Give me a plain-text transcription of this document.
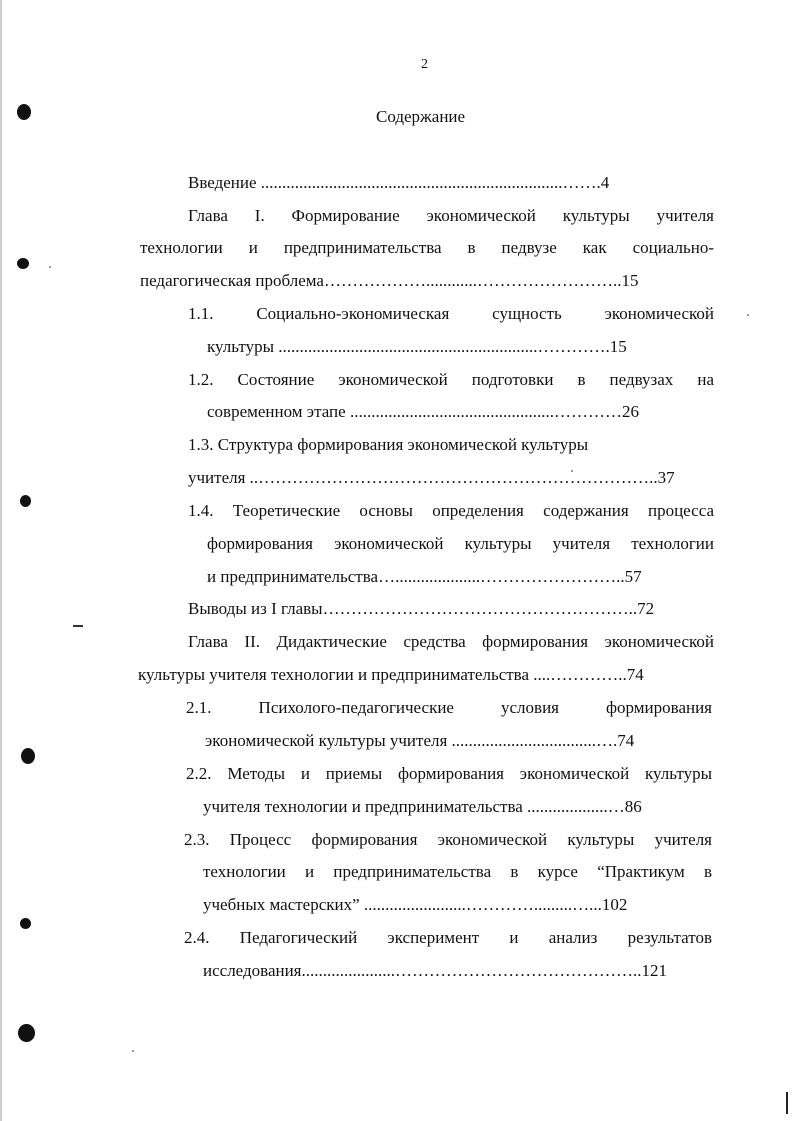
2
Содержание
Введение .......................................................................…….4
Глава I. Формирование экономической культуры учителя
технологии и предпринимательства в педвузе как социально-
педагогическая проблема………………............……………………..15
1.1. Социально-экономическая сущность экономической
культуры .............................................................………….15
1.2. Состояние экономической подготовки в педвузах на
современном этапе ................................................…………26
1.3. Структура формирования экономической культуры
учителя ..……………………………………………………………..37
1.4. Теоретические основы определения содержания процесса
формирования экономической культуры учителя технологии
и предпринимательства…....................……………………..57
Выводы из I главы………………………………………………..72
Глава II. Дидактические средства формирования экономической
культуры учителя технологии и предпринимательства ....…………..74
2.1. Психолого-педагогические условия формирования
экономической культуры учителя ..................................….74
2.2. Методы и приемы формирования экономической культуры
учителя технологии и предпринимательства ...................…86
2.3. Процесс формирования экономической культуры учителя
технологии и предпринимательства в курсе “Практикум в
учебных мастерских” ........................………….........…...102
2.4. Педагогический эксперимент и анализ результатов
исследования......................……………………………………..121
